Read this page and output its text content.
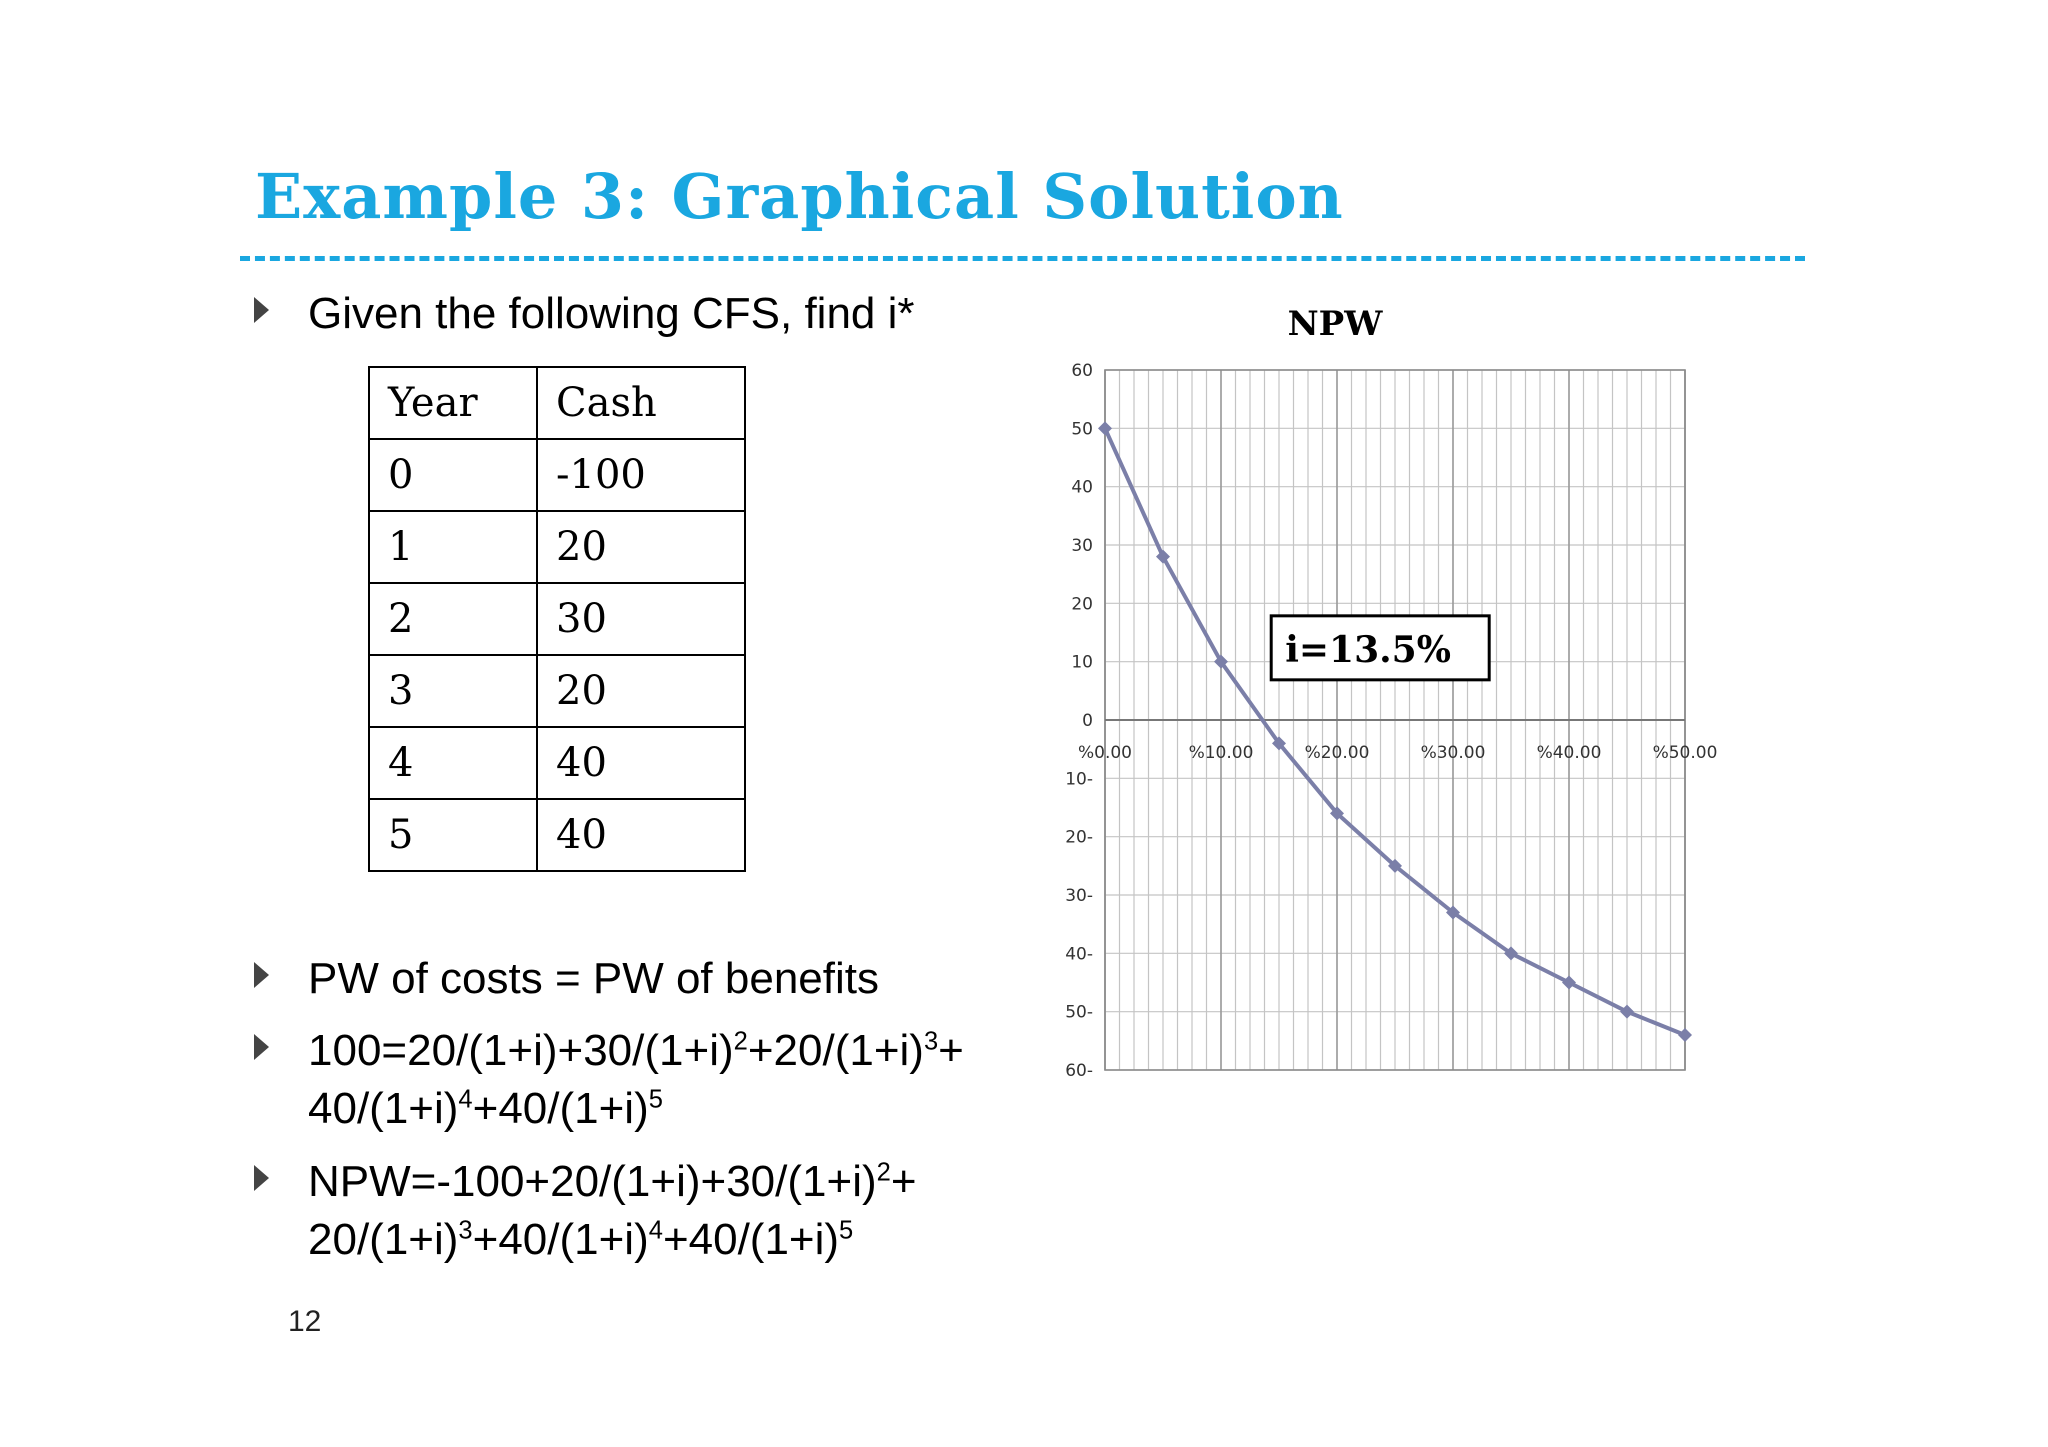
Example 3: Graphical Solution
Given the following CFS, find i*
Year	Cash
0	-100
1	20
2	30
3	20
4	40
5	40
PW of costs = PW of benefits
$100=20/(1+i)+30/(1+i)^2+20/(1+i)^3+$
$40/(1+i)^4+40/(1+i)^5$
$NPW=-100+20/(1+i)+30/(1+i)^2+$
$20/(1+i)^3+40/(1+i)^4+40/(1+i)^5$
12
NPW
60
50
40
30
20
10
0
10-
20-
30-
40-
50-
60-
%0.00	%10.00	%20.00	%30.00	%40.00	%50.00
i=13.5%
